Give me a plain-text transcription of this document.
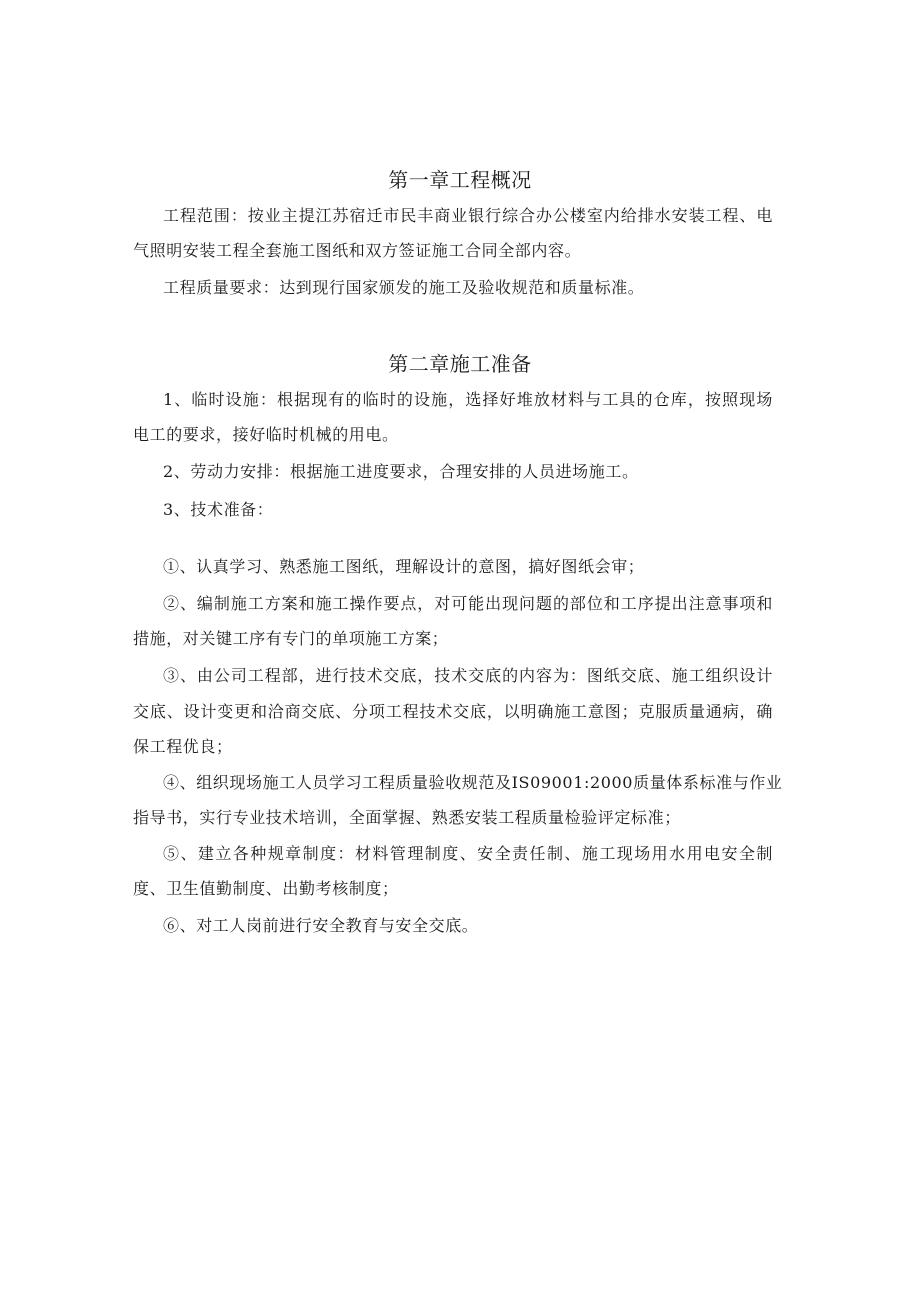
第一章工程概况
工程范围：按业主提江苏宿迁市民丰商业银行综合办公楼室内给排水安装工程、电
气照明安装工程全套施工图纸和双方签证施工合同全部内容。
工程质量要求：达到现行国家颁发的施工及验收规范和质量标准。
第二章施工准备
1、临时设施：根据现有的临时的设施，选择好堆放材料与工具的仓库，按照现场
电工的要求，接好临时机械的用电。
2、劳动力安排：根据施工进度要求，合理安排的人员进场施工。
3、技术准备：
①、认真学习、熟悉施工图纸，理解设计的意图，搞好图纸会审；
②、编制施工方案和施工操作要点，对可能出现问题的部位和工序提出注意事项和
措施，对关键工序有专门的单项施工方案；
③、由公司工程部，进行技术交底，技术交底的内容为：图纸交底、施工组织设计
交底、设计变更和洽商交底、分项工程技术交底，以明确施工意图；克服质量通病，确
保工程优良；
④、组织现场施工人员学习工程质量验收规范及IS09001:2000质量体系标准与作业
指导书，实行专业技术培训，全面掌握、熟悉安装工程质量检验评定标准；
⑤、建立各种规章制度：材料管理制度、安全责任制、施工现场用水用电安全制
度、卫生值勤制度、出勤考核制度；
⑥、对工人岗前进行安全教育与安全交底。
